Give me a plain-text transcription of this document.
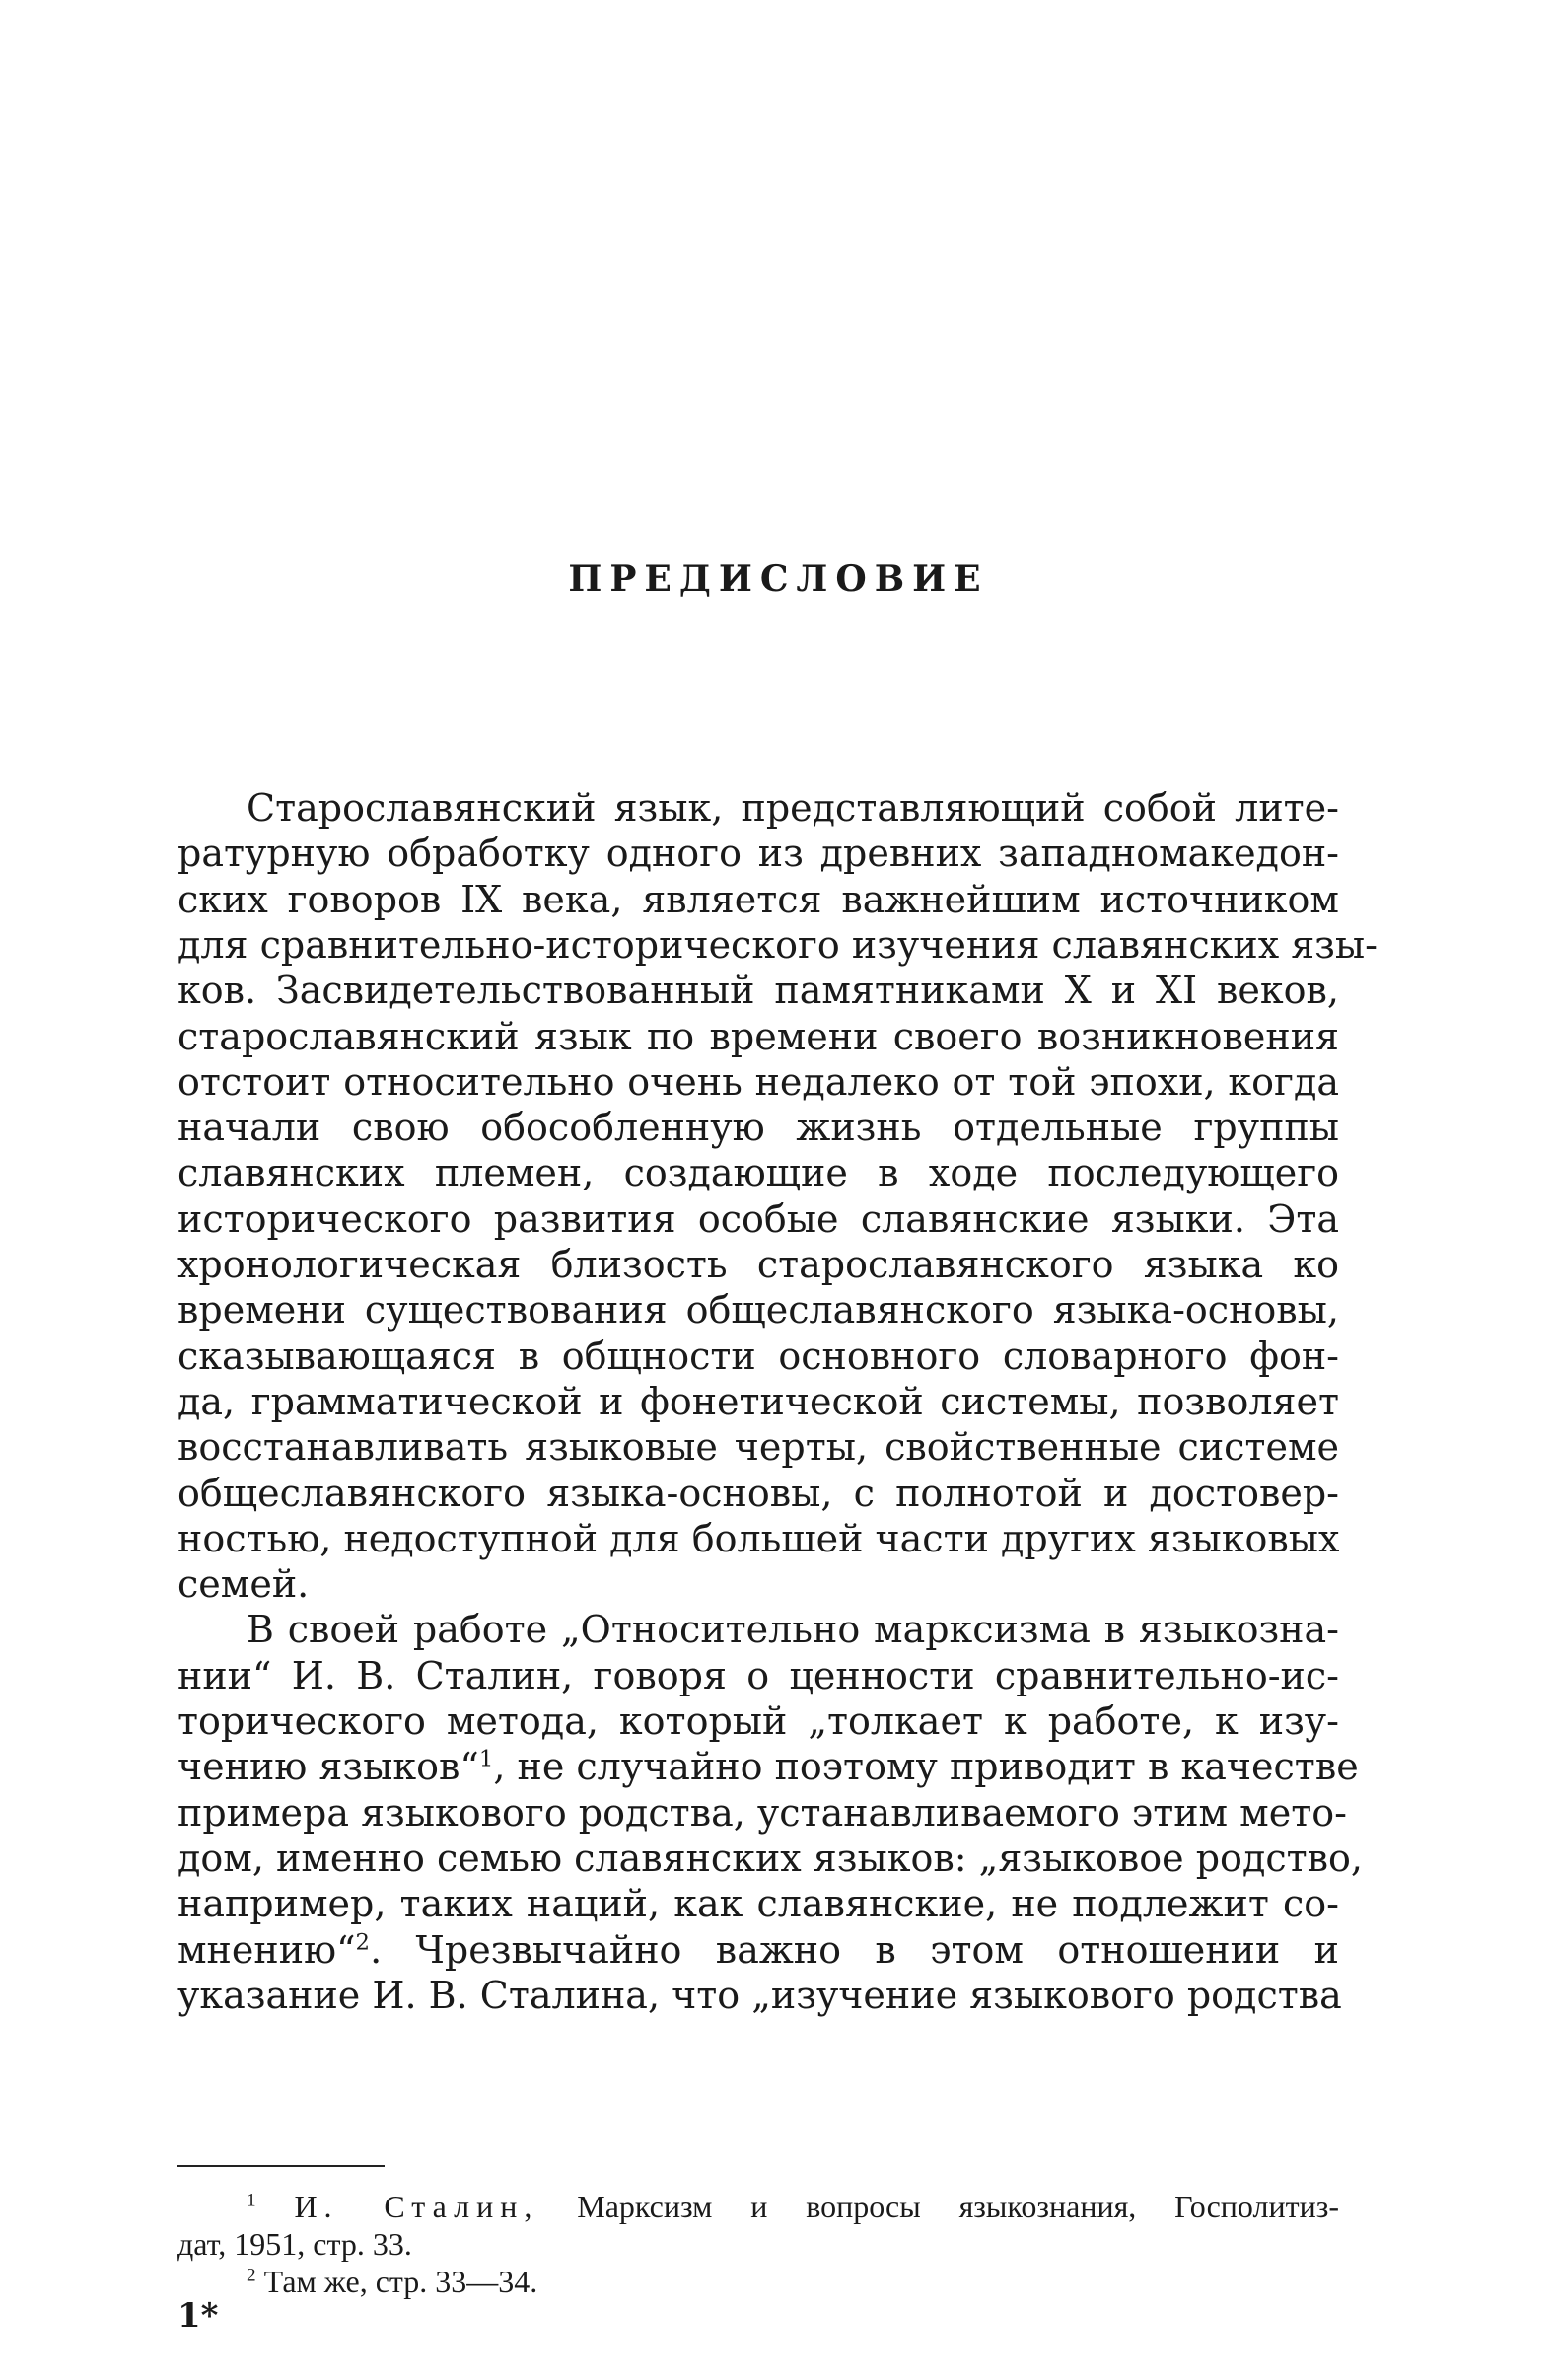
ПРЕДИСЛОВИЕ

Старославянский язык, представляющий собой лите-

ратурную обработку одного из древних западномакедон-

ских говоров IX века, является важнейшим источником

для сравнительно-исторического изучения славянских язы-

ков. Засвидетельствованный памятниками X и XI веков,

старославянский язык по времени своего возникновения

отстоит относительно очень недалеко от той эпохи, когда

начали свою обособленную жизнь отдельные группы

славянских племен, создающие в ходе последующего

исторического развития особые славянские языки. Эта

хронологическая близость старославянского языка ко

времени существования общеславянского языка-основы,

сказывающаяся в общности основного словарного фон-

да, грамматической и фонетической системы, позволяет

восстанавливать языковые черты, свойственные системе

общеславянского языка-основы, с полнотой и достовер-

ностью, недоступной для большей части других языковых

семей.

В своей работе „Относительно марксизма в языкозна-

нии“ И. В. Сталин, говоря о ценности сравнительно-ис-

торического метода, который „толкает к работе, к изу-

чению языков“$^1$, не случайно поэтому приводит в качестве

примера языкового родства, устанавливаемого этим мето-

дом, именно семью славянских языков: „языковое родство,

например, таких наций, как славянские, не подлежит со-

мнению“$^2$. Чрезвычайно важно в этом отношении и

указание И. В. Сталина, что „изучение языкового родства

$^1$ И. Сталин, Марксизм и вопросы языкознания, Госполитиз-
дат, 1951, стр. 33.
$^2$ Там же, стр. 33—34.
1*
